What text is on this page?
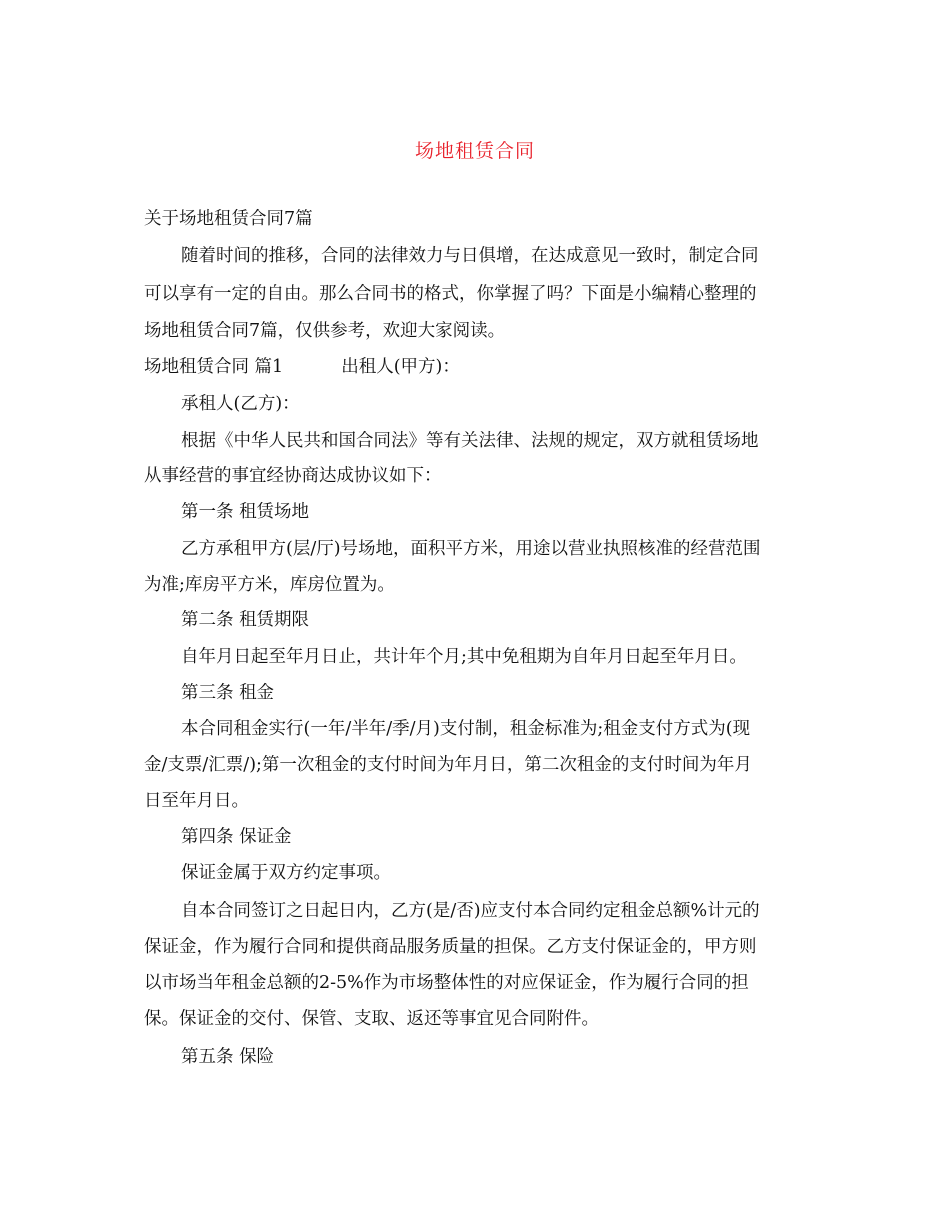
场地租赁合同
关于场地租赁合同7篇
随着时间的推移，合同的法律效力与日俱增，在达成意见一致时，制定合同
可以享有一定的自由。那么合同书的格式，你掌握了吗？下面是小编精心整理的
场地租赁合同7篇，仅供参考，欢迎大家阅读。
场地租赁合同 篇1	出租人(甲方)：
承租人(乙方)：
根据《中华人民共和国合同法》等有关法律、法规的规定，双方就租赁场地
从事经营的事宜经协商达成协议如下：
第一条 租赁场地
乙方承租甲方(层/厅)号场地，面积平方米，用途以营业执照核准的经营范围
为准;库房平方米，库房位置为。
第二条 租赁期限
自年月日起至年月日止，共计年个月;其中免租期为自年月日起至年月日。
第三条 租金
本合同租金实行(一年/半年/季/月)支付制，租金标准为;租金支付方式为(现
金/支票/汇票/);第一次租金的支付时间为年月日，第二次租金的支付时间为年月
日至年月日。
第四条 保证金
保证金属于双方约定事项。
自本合同签订之日起日内，乙方(是/否)应支付本合同约定租金总额%计元的
保证金，作为履行合同和提供商品服务质量的担保。乙方支付保证金的，甲方则
以市场当年租金总额的2-5%作为市场整体性的对应保证金，作为履行合同的担
保。保证金的交付、保管、支取、返还等事宜见合同附件。
第五条 保险
